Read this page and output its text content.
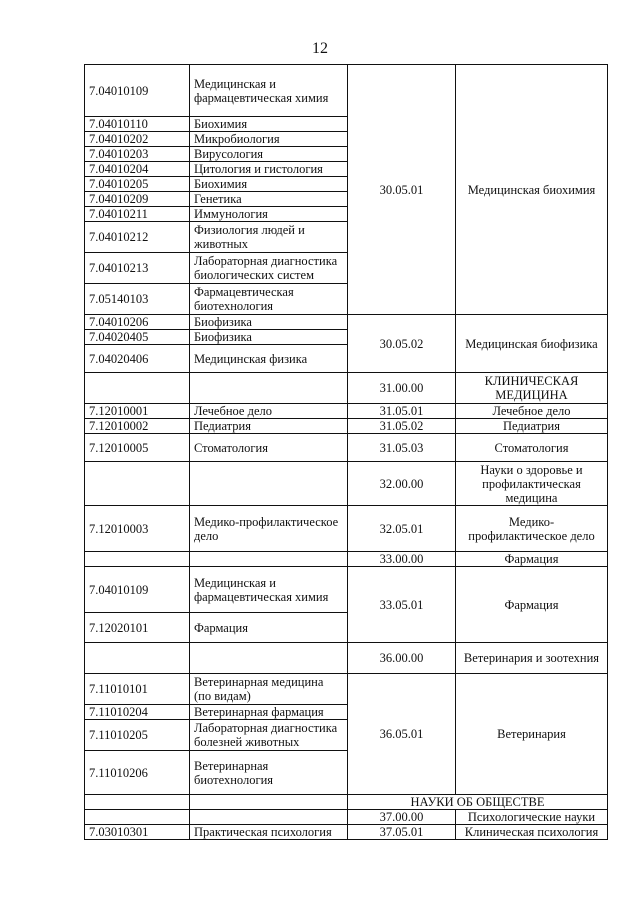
12
7.04010109	Медицинская и фармацевтическая химия	30.05.01	Медицинская биохимия
7.04010110	Биохимия		
7.04010202	Микробиология		
7.04010203	Вирусология		
7.04010204	Цитология и гистология		
7.04010205	Биохимия		
7.04010209	Генетика		
7.04010211	Иммунология		
7.04010212	Физиология людей и животных		
7.04010213	Лабораторная диагностика биологических систем		
7.05140103	Фармацевтическая биотехнология		
7.04010206	Биофизика	30.05.02	Медицинская биофизика
7.04020405	Биофизика		
7.04020406	Медицинская физика		
		31.00.00	КЛИНИЧЕСКАЯ МЕДИЦИНА
7.12010001	Лечебное дело	31.05.01	Лечебное дело
7.12010002	Педиатрия	31.05.02	Педиатрия
7.12010005	Стоматология	31.05.03	Стоматология
		32.00.00	Науки о здоровье и профилактическая медицина
7.12010003	Медико-профилактическое дело	32.05.01	Медико-профилактическое дело
		33.00.00	Фармация
7.04010109	Медицинская и фармацевтическая химия	33.05.01	Фармация
7.12020101	Фармация		
		36.00.00	Ветеринария и зоотехния
7.11010101	Ветеринарная медицина (по видам)	36.05.01	Ветеринария
7.11010204	Ветеринарная фармация		
7.11010205	Лабораторная диагностика болезней животных		
7.11010206	Ветеринарная биотехнология		
		НАУКИ ОБ ОБЩЕСТВЕ	
		37.00.00	Психологические науки
7.03010301	Практическая психология	37.05.01	Клиническая психология
